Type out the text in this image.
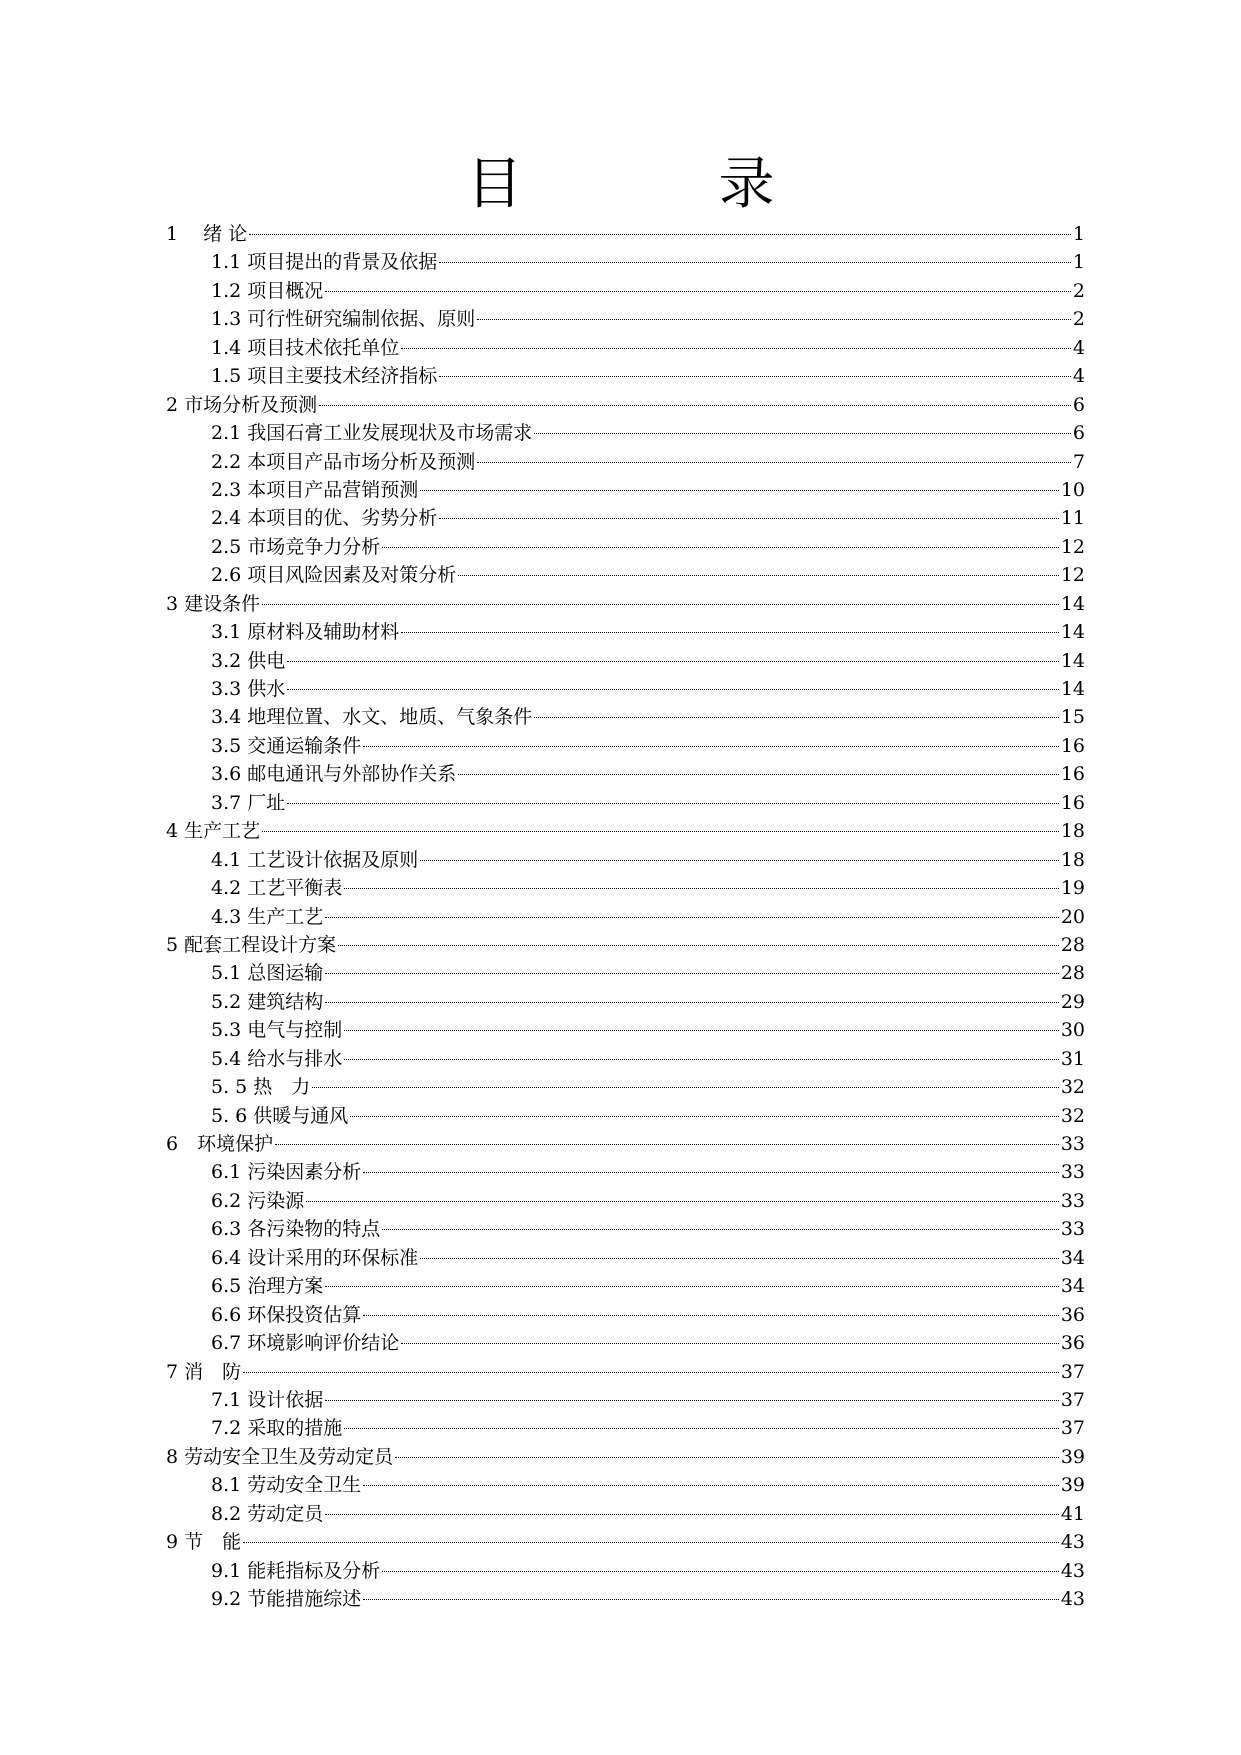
目　录
1　 绪 论	1
1.1 项目提出的背景及依据	1
1.2 项目概况	2
1.3 可行性研究编制依据、原则	2
1.4 项目技术依托单位	4
1.5 项目主要技术经济指标	4
2 市场分析及预测	6
2.1 我国石膏工业发展现状及市场需求	6
2.2 本项目产品市场分析及预测	7
2.3 本项目产品营销预测	10
2.4 本项目的优、劣势分析	11
2.5 市场竞争力分析	12
2.6 项目风险因素及对策分析	12
3 建设条件	14
3.1 原材料及辅助材料	14
3.2 供电	14
3.3 供水	14
3.4 地理位置、水文、地质、气象条件	15
3.5 交通运输条件	16
3.6 邮电通讯与外部协作关系	16
3.7 厂址	16
4 生产工艺	18
4.1 工艺设计依据及原则	18
4.2 工艺平衡表	19
4.3 生产工艺	20
5 配套工程设计方案	28
5.1 总图运输	28
5.2 建筑结构	29
5.3 电气与控制	30
5.4 给水与排水	31
5. 5 热　力	32
5. 6 供暖与通风	32
6　环境保护	33
6.1 污染因素分析	33
6.2 污染源	33
6.3 各污染物的特点	33
6.4 设计采用的环保标准	34
6.5 治理方案	34
6.6 环保投资估算	36
6.7 环境影响评价结论	36
7 消　防	37
7.1 设计依据	37
7.2 采取的措施	37
8 劳动安全卫生及劳动定员	39
8.1 劳动安全卫生	39
8.2 劳动定员	41
9 节　能	43
9.1 能耗指标及分析	43
9.2 节能措施综述	43
